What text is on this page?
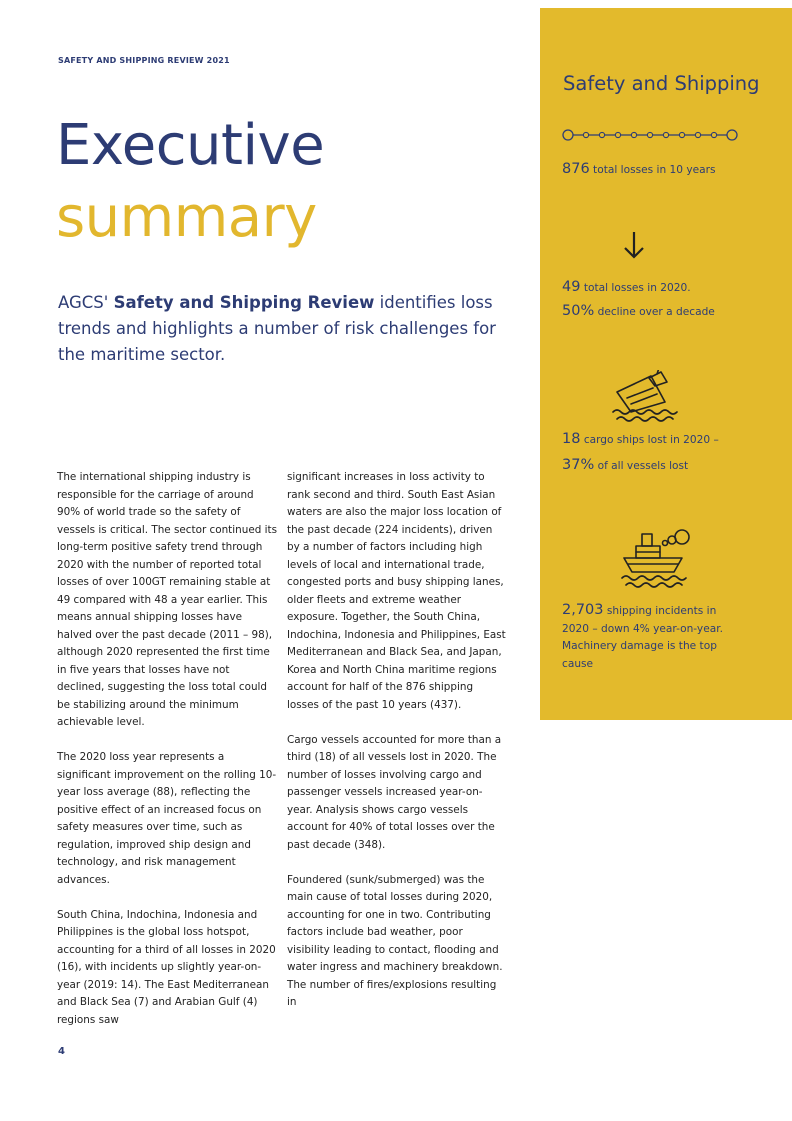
SAFETY AND SHIPPING REVIEW 2021
Executive
summary
AGCS' Safety and Shipping Review identifies loss trends and highlights a number of risk challenges for the maritime sector.

The international shipping industry is responsible for the carriage of around 90% of world trade so the safety of vessels is critical. The sector continued its long-term positive safety trend through 2020 with the number of reported total losses of over 100GT remaining stable at 49 compared with 48 a year earlier. This means annual shipping losses have halved over the past decade (2011 – 98), although 2020 represented the first time in five years that losses have not declined, suggesting the loss total could be stabilizing around the minimum achievable level.

The 2020 loss year represents a significant improvement on the rolling 10-year loss average (88), reflecting the positive effect of an increased focus on safety measures over time, such as regulation, improved ship design and technology, and risk management advances.

South China, Indochina, Indonesia and Philippines is the global loss hotspot, accounting for a third of all losses in 2020 (16), with incidents up slightly year-on-year (2019: 14). The East Mediterranean and Black Sea (7) and Arabian Gulf (4) regions saw

significant increases in loss activity to rank second and third. South East Asian waters are also the major loss location of the past decade (224 incidents), driven by a number of factors including high levels of local and international trade, congested ports and busy shipping lanes, older fleets and extreme weather exposure. Together, the South China, Indochina, Indonesia and Philippines, East Mediterranean and Black Sea, and Japan, Korea and North China maritime regions account for half of the 876 shipping losses of the past 10 years (437).

Cargo vessels accounted for more than a third (18) of all vessels lost in 2020. The number of losses involving cargo and passenger vessels increased year-on-year. Analysis shows cargo vessels account for 40% of total losses over the past decade (348).

Foundered (sunk/submerged) was the main cause of total losses during 2020, accounting for one in two. Contributing factors include bad weather, poor visibility leading to contact, flooding and water ingress and machinery breakdown. The number of fires/explosions resulting in

4
Safety and Shipping
876 total losses in 10 years
49 total losses in 2020.
50% decline over a decade
18 cargo ships lost in 2020 –
37% of all vessels lost
2,703 shipping incidents in 2020 – down 4% year-on-year. Machinery damage is the top cause
